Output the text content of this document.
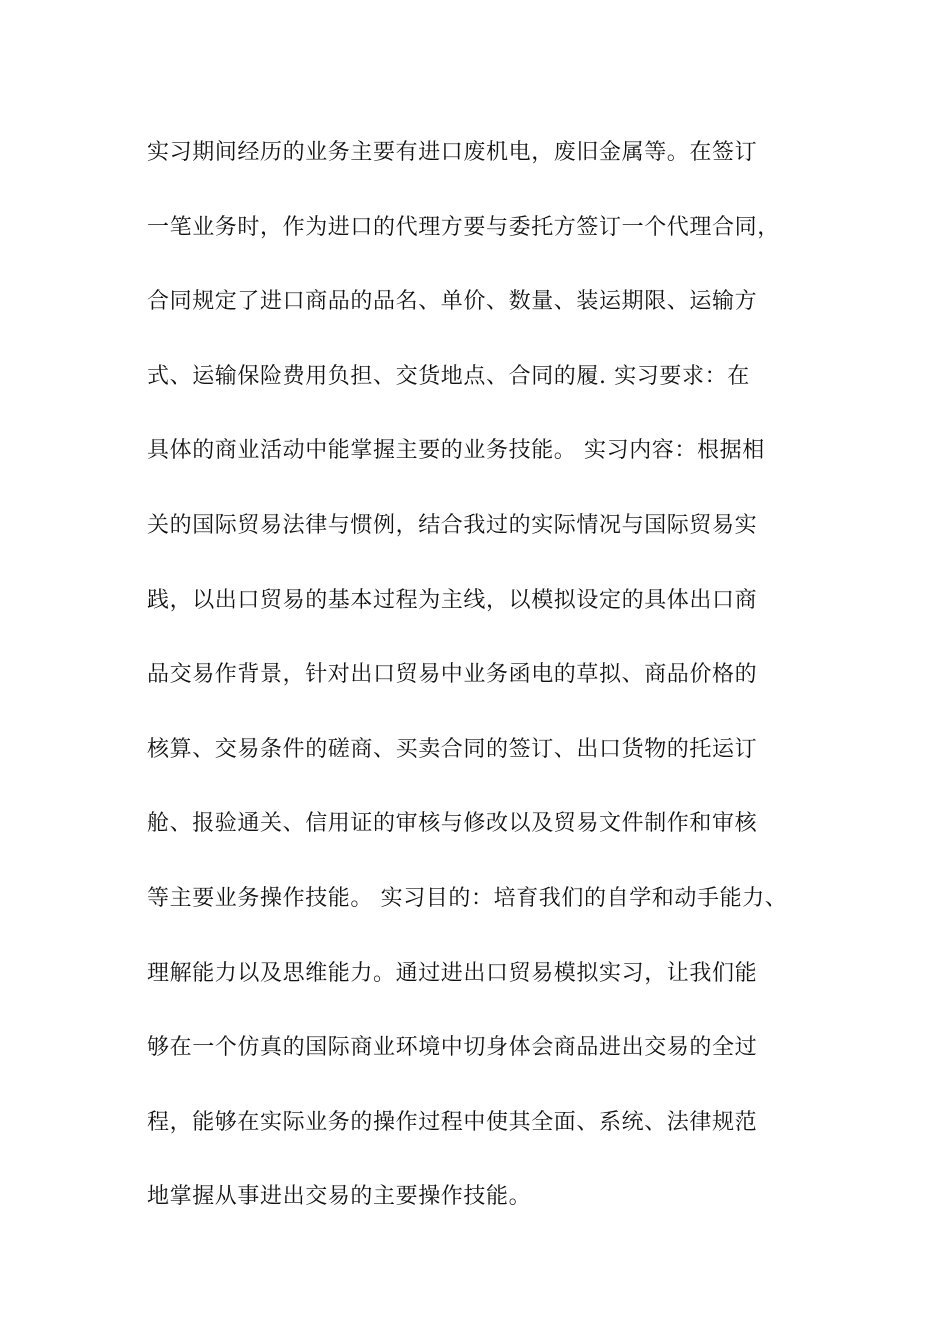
实习期间经历的业务主要有进口废机电，废旧金属等。在签订
一笔业务时，作为进口的代理方要与委托方签订一个代理合同，
合同规定了进口商品的品名、单价、数量、装运期限、运输方
式、运输保险费用负担、交货地点、合同的履. 实习要求：在
具体的商业活动中能掌握主要的业务技能。 实习内容：根据相
关的国际贸易法律与惯例，结合我过的实际情况与国际贸易实
践，以出口贸易的基本过程为主线，以模拟设定的具体出口商
品交易作背景，针对出口贸易中业务函电的草拟、商品价格的
核算、交易条件的磋商、买卖合同的签订、出口货物的托运订
舱、报验通关、信用证的审核与修改以及贸易文件制作和审核
等主要业务操作技能。 实习目的：培育我们的自学和动手能力、
理解能力以及思维能力。通过进出口贸易模拟实习，让我们能
够在一个仿真的国际商业环境中切身体会商品进出交易的全过
程，能够在实际业务的操作过程中使其全面、系统、法律规范
地掌握从事进出交易的主要操作技能。
